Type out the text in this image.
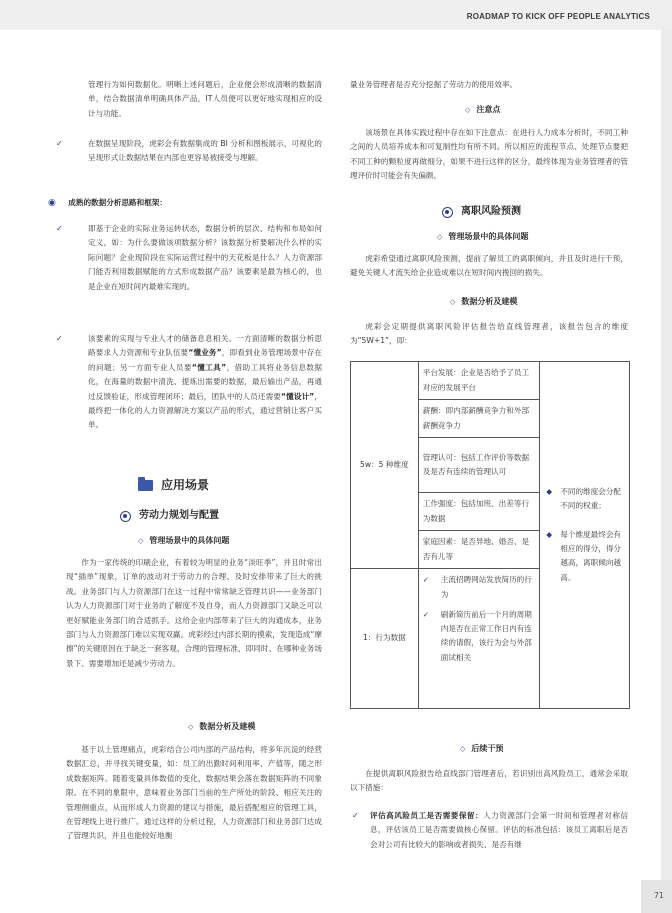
ROADMAP TO KICK OFF PEOPLE ANALYTICS
71

管理行为如何数据化。明晰上述问题后，企业便会形成清晰的数据清单，结合数据清单明确具体产品，IT人员便可以更好地实现相应的设计与功能。

✓	在数据呈现阶段，虎彩会有数据集成的 BI 分析和图板展示，可视化的呈现形式让数据结果在内部也更容易被接受与理解。

◉ 成熟的数据分析思路和框架：
✓	即基于企业的实际业务运转状态，数据分析的层次、结构和布局如何定义，如：为什么要做该项数据分析？该数据分析要解决什么样的实际问题？企业现阶段在实际运营过程中的天花板是什么？人力资源部门能否利用数据赋能的方式形成数据产品？该要素是最为核心的，也是企业在短时间内最难实现的。

✓	该要素的实现与专业人才的储备息息相关。一方面清晰的数据分析思路要求人力资源和专业队伍要“懂业务”，即看到业务管理场景中存在的问题；另一方面专业人员要“懂工具”，借助工具将业务信息数据化，在海量的数据中清洗、提炼出需要的数据，最后输出产品，再通过反馈验证，形成管理闭环；最后，团队中的人员还需要“懂设计”，最终把一体化的人力资源解决方案以产品的形式，通过营销让客户买单。

应用场景
劳动力规划与配置
◇ 管理场景中的具体问题

作为一家传统的印刷企业，有着较为明显的业务“淡旺季”，并且时常出现“插单”现象，订单的波动对于劳动力的合理、及时安排带来了巨大的挑战。业务部门与人力资源部门在这一过程中常常缺乏管理共识——业务部门认为人力资源部门对于业务的了解度不及自身，而人力资源部门又缺乏可以更好赋能业务部门的合适抓手。这给企业内部带来了巨大的沟通成本，业务部门与人力资源部门难以实现双赢。虎彩经过内部长期的摸索，发现造成“摩擦”的关键原因在于缺乏一套客观、合理的管理标准，即同时、在哪种业务场景下、需要增加还是减少劳动力。

◇ 数据分析及建模

基于以上管理痛点，虎彩结合公司内部的产品结构，将多年沉淀的经营数据汇总，并寻找关键变量，如：员工的出勤时间利用率、产值等，随之形成数据矩阵。随着变量具体数值的变化，数据结果会落在数据矩阵的不同象限。在不同的象限中，意味着业务部门当前的生产所处的阶段、相应关注的管理侧重点，从而形成人力资源的建议与措施，最后搭配相应的管理工具，在管理线上进行推广。通过这样的分析过程，人力资源部门和业务部门达成了管理共识，并且也能较好地衡

量业务管理者是否充分挖掘了劳动力的使用效率。

◇ 注意点

该场景在具体实践过程中存在如下注意点：在进行人力成本分析时，不同工种之间的人员培养成本和可复制性均有所不同。所以相应的流程节点、处理节点要把不同工种的颗粒度再做细分，如果不进行这样的区分，最终体现为业务管理者的管理评价时可能会有失偏颇。

离职风险预测
◇ 管理场景中的具体问题

虎彩希望通过离职风险预测，提前了解员工的离职倾向，并且及时进行干预，避免关键人才流失给企业造成难以在短时间内挽回的损失。

◇ 数据分析及建模

虎彩会定期提供离职风险评估报告给直线管理者，该报告包含的维度为“5W+1”，即：

5w：5 种维度	平台发展：企业是否给予了员工对应的发展平台	◆ 不同的维度会分配不同的权重；
◆ 每个维度最终会有相应的得分，得分越高，离职倾向越高。

	薪酬：即内部薪酬竞争力和外部薪酬竞争力	
	管理认可：包括工作评价等数据及是否有连续的管理认可	
	工作强度：包括加班、出差等行为数据	
	家庭因素：是否异地、婚否、是否有儿等	
1：行为数据	✓ 主流招聘网站发放简历的行为	

	✓ 刷新简历前后一个月的周期内是否在正常工作日内有连续的请假，该行为会与外部面试相关	
◇ 后续干预

在提供离职风险报告给直线部门管理者后，若识别出高风险员工，通常会采取以下措施：

✓ 评估高风险员工是否需要保留：人力资源部门会第一时间和管理者对称信息，评估该员工是否需要做核心保留。评估的标准包括：该员工离职后是否会对公司有比较大的影响或者损失、是否有继
